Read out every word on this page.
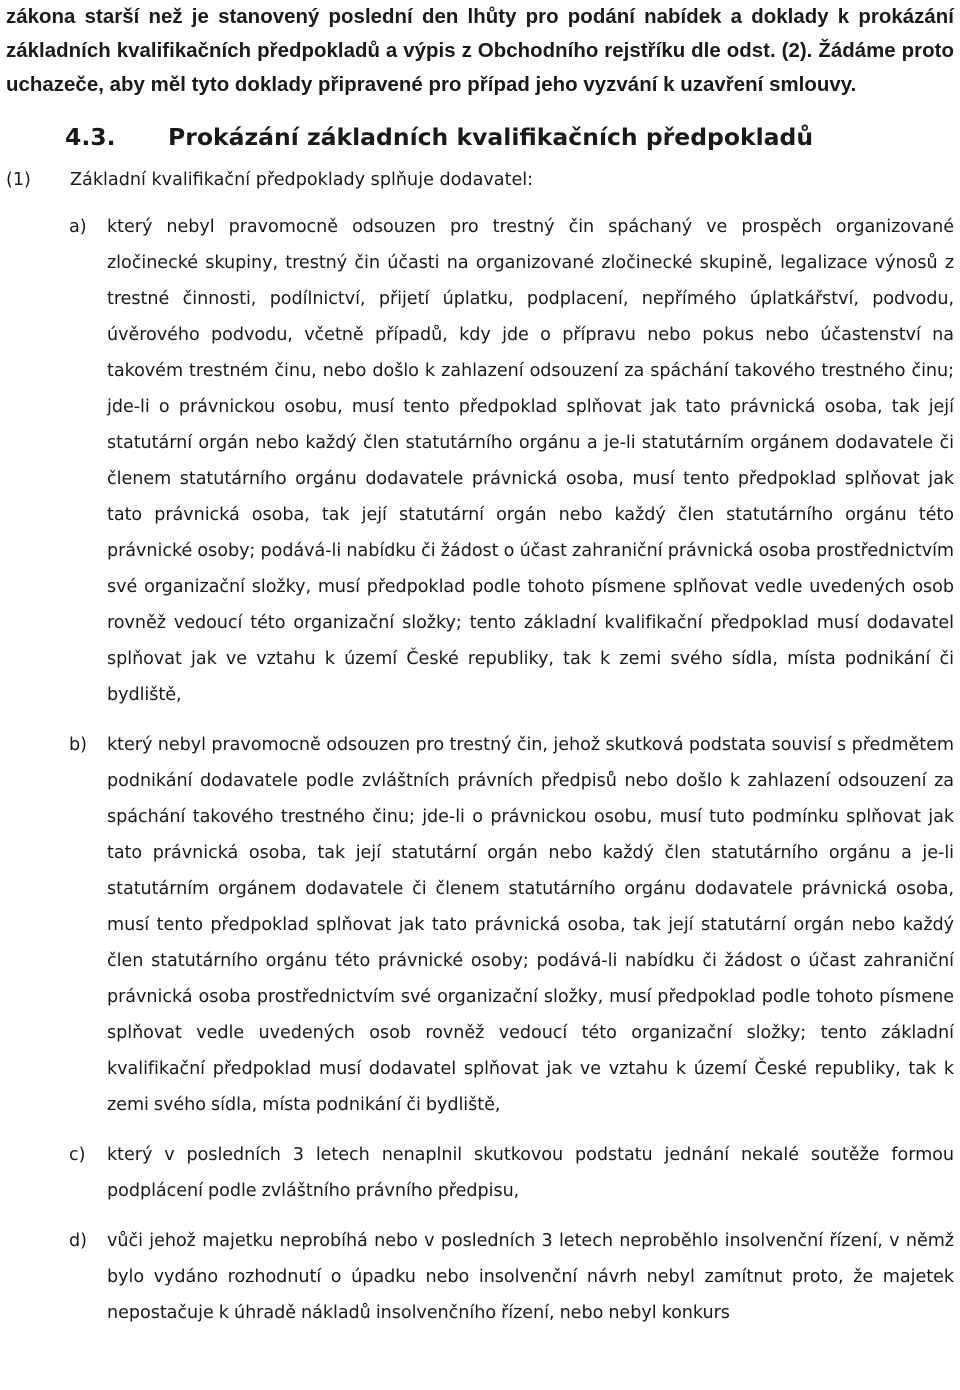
zákona starší než je stanovený poslední den lhůty pro podání nabídek a doklady k prokázání základních kvalifikačních předpokladů a výpis z Obchodního rejstříku dle odst. (2). Žádáme proto uchazeče, aby měl tyto doklady připravené pro případ jeho vyzvání k uzavření smlouvy.

4.3.	Prokázání základních kvalifikačních předpokladů
(1)	Základní kvalifikační předpoklady splňuje dodavatel:
a)	který nebyl pravomocně odsouzen pro trestný čin spáchaný ve prospěch organizované zločinecké skupiny, trestný čin účasti na organizované zločinecké skupině, legalizace výnosů z trestné činnosti, podílnictví, přijetí úplatku, podplacení, nepřímého úplatkářství, podvodu, úvěrového podvodu, včetně případů, kdy jde o přípravu nebo pokus nebo účastenství na takovém trestném činu, nebo došlo k zahlazení odsouzení za spáchání takového trestného činu; jde-li o právnickou osobu, musí tento předpoklad splňovat jak tato právnická osoba, tak její statutární orgán nebo každý člen statutárního orgánu a je-li statutárním orgánem dodavatele či členem statutárního orgánu dodavatele právnická osoba, musí tento předpoklad splňovat jak tato právnická osoba, tak její statutární orgán nebo každý člen statutárního orgánu této právnické osoby; podává-li nabídku či žádost o účast zahraniční právnická osoba prostřednictvím své organizační složky, musí předpoklad podle tohoto písmene splňovat vedle uvedených osob rovněž vedoucí této organizační složky; tento základní kvalifikační předpoklad musí dodavatel splňovat jak ve vztahu k území České republiky, tak k zemi svého sídla, místa podnikání či bydliště,
b)	který nebyl pravomocně odsouzen pro trestný čin, jehož skutková podstata souvisí s předmětem podnikání dodavatele podle zvláštních právních předpisů nebo došlo k zahlazení odsouzení za spáchání takového trestného činu; jde-li o právnickou osobu, musí tuto podmínku splňovat jak tato právnická osoba, tak její statutární orgán nebo každý člen statutárního orgánu a je-li statutárním orgánem dodavatele či členem statutárního orgánu dodavatele právnická osoba, musí tento předpoklad splňovat jak tato právnická osoba, tak její statutární orgán nebo každý člen statutárního orgánu této právnické osoby; podává-li nabídku či žádost o účast zahraniční právnická osoba prostřednictvím své organizační složky, musí předpoklad podle tohoto písmene splňovat vedle uvedených osob rovněž vedoucí této organizační složky; tento základní kvalifikační předpoklad musí dodavatel splňovat jak ve vztahu k území České republiky, tak k zemi svého sídla, místa podnikání či bydliště,
c)	který v posledních 3 letech nenaplnil skutkovou podstatu jednání nekalé soutěže formou podplácení podle zvláštního právního předpisu,
d)	vůči jehož majetku neprobíhá nebo v posledních 3 letech neproběhlo insolvenční řízení, v němž bylo vydáno rozhodnutí o úpadku nebo insolvenční návrh nebyl zamítnut proto, že majetek nepostačuje k úhradě nákladů insolvenčního řízení, nebo nebyl konkurs
